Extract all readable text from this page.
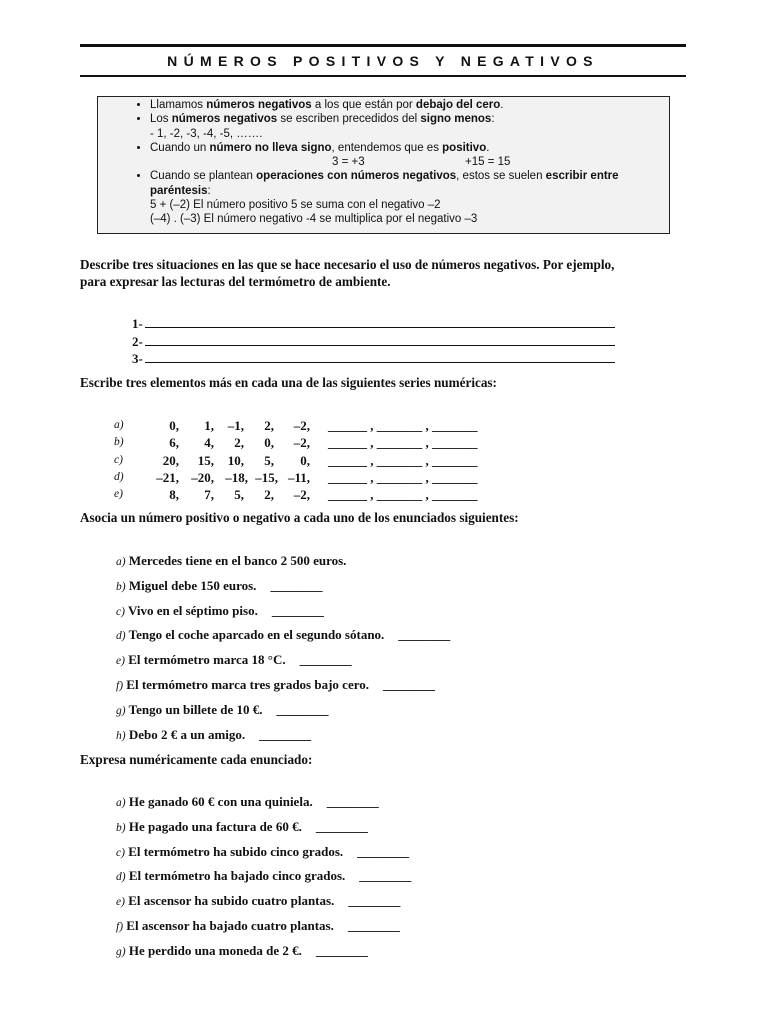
NÚMEROS POSITIVOS Y NEGATIVOS
• Llamamos números negativos a los que están por debajo del cero.
• Los números negativos se escriben precedidos del signo menos:
- 1, -2, -3, -4, -5, …….
• Cuando un número no lleva signo, entendemos que es positivo.
3 = +3	+15 = 15
• Cuando se plantean operaciones con números negativos, estos se suelen escribir entre paréntesis:
5 + (–2) El número positivo 5 se suma con el negativo –2
(–4) . (–3) El número negativo -4 se multiplica por el negativo –3
Describe tres situaciones en las que se hace necesario el uso de números negativos. Por ejemplo, para expresar las lecturas del termómetro de ambiente.
1-
2-
3-
Escribe tres elementos más en cada una de las siguientes series numéricas:
a)	0,	1,	–1,	2,	–2, ______ , _______ , _______
b)	6,	4,	2,	0,	–2, ______ , _______ , _______
c)	20,	15,	10,	5,	0, ______ , _______ , _______
d)	–21, –20, –18, –15, –11, ______ , _______ , _______
e)	8,	7,	5,	2,	–2, ______ , _______ , _______
Asocia un número positivo o negativo a cada uno de los enunciados siguientes:
a) Mercedes tiene en el banco 2 500 euros.
b) Miguel debe 150 euros. ________
c) Vivo en el séptimo piso. ________
d) Tengo el coche aparcado en el segundo sótano. ________
e) El termómetro marca 18 °C. ________
f) El termómetro marca tres grados bajo cero. ________
g) Tengo un billete de 10 €. ________
h) Debo 2 € a un amigo. ________
Expresa numéricamente cada enunciado:
a) He ganado 60 € con una quiniela. ________
b) He pagado una factura de 60 €. ________
c) El termómetro ha subido cinco grados. ________
d) El termómetro ha bajado cinco grados. ________
e) El ascensor ha subido cuatro plantas. ________
f) El ascensor ha bajado cuatro plantas. ________
g) He perdido una moneda de 2 €. ________
